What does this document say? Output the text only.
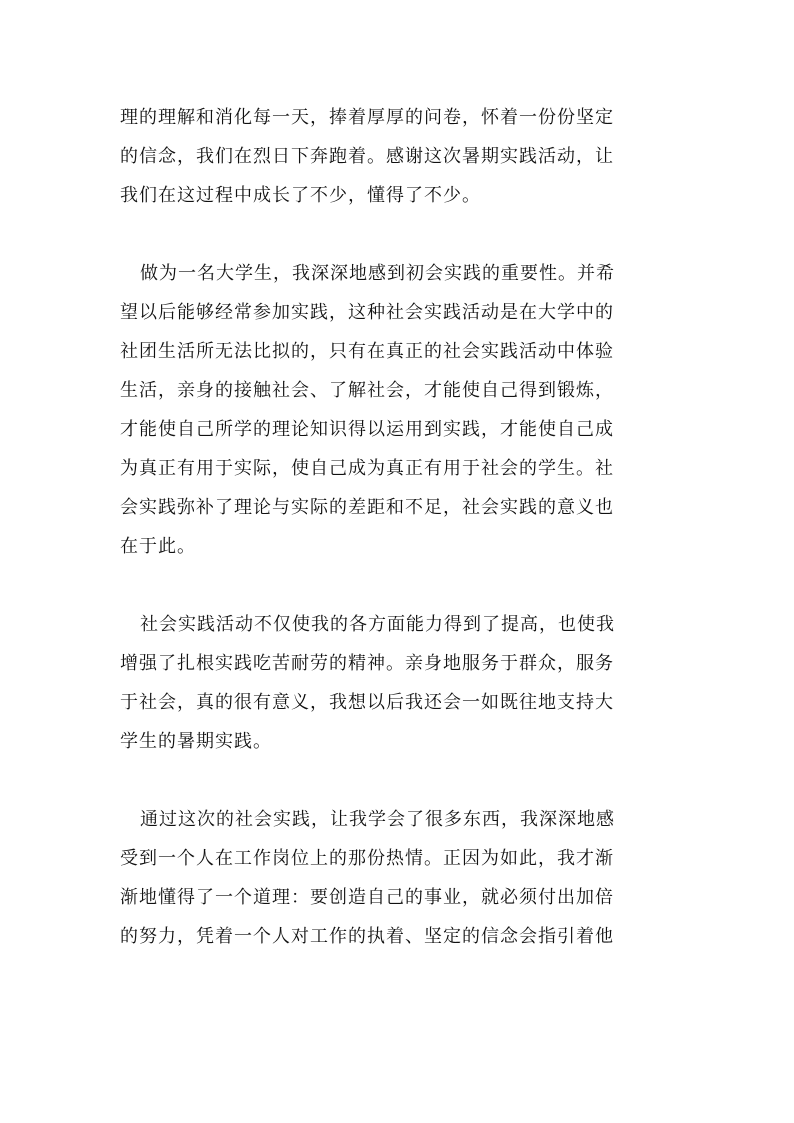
理的理解和消化每一天，捧着厚厚的问卷，怀着一份份坚定
的信念，我们在烈日下奔跑着。感谢这次暑期实践活动，让
我们在这过程中成长了不少，懂得了不少。

做为一名大学生，我深深地感到初会实践的重要性。并希
望以后能够经常参加实践，这种社会实践活动是在大学中的
社团生活所无法比拟的，只有在真正的社会实践活动中体验
生活，亲身的接触社会、了解社会，才能使自己得到锻炼，
才能使自己所学的理论知识得以运用到实践，才能使自己成
为真正有用于实际，使自己成为真正有用于社会的学生。社
会实践弥补了理论与实际的差距和不足，社会实践的意义也
在于此。

社会实践活动不仅使我的各方面能力得到了提高，也使我
增强了扎根实践吃苦耐劳的精神。亲身地服务于群众，服务
于社会，真的很有意义，我想以后我还会一如既往地支持大
学生的暑期实践。

通过这次的社会实践，让我学会了很多东西，我深深地感
受到一个人在工作岗位上的那份热情。正因为如此，我才渐
渐地懂得了一个道理：要创造自己的事业，就必须付出加倍
的努力，凭着一个人对工作的执着、坚定的信念会指引着他
